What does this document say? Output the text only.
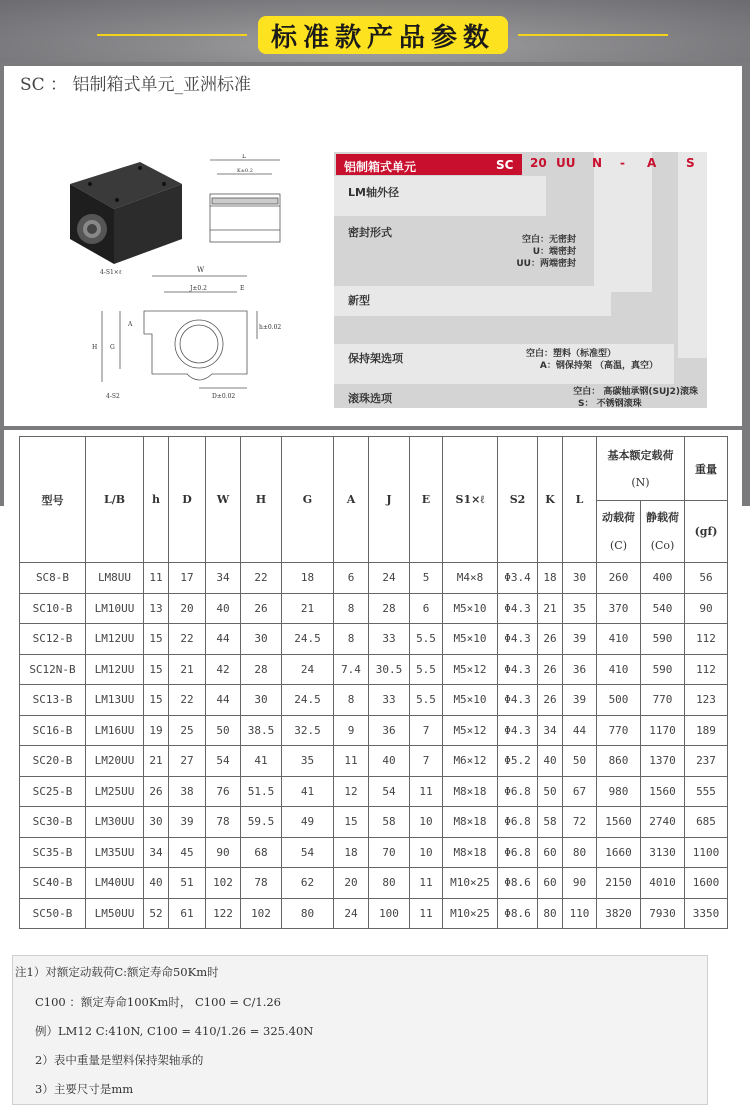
标准款产品参数
SC ： 铝制箱式单元_亚洲标准
L
K±0.2
W
J±0.2	E
4-S1×ℓ
A
G
H
h±0.02
4-S2	D±0.02
铝制箱式单元	SC 20 UU N - A S
LM轴外径
密封形式
空白：无密封
U：端密封
UU：两端密封
新型
保持架选项	空白：塑料（标准型）
A：钢保持架 （高温，真空）
滚珠选项	空白： 高碳轴承钢(SUJ2)滚珠
S： 不锈钢滚珠
型号	L/B	h	D	W	H	G	A	J	E	S1×ℓ	S2	K	L	基本额定载荷
(N)		重量

动载荷
(C)

静载荷
(Co)
	(gf)
SC8-B	LM8UU	11	17	34	22	18	6	24	5	M4×8	Φ3.4	18	30	260	400	56
SC10-B	LM10UU	13	20	40	26	21	8	28	6	M5×10	Φ4.3	21	35	370	540	90
SC12-B	LM12UU	15	22	44	30	24.5	8	33	5.5	M5×10	Φ4.3	26	39	410	590	112
SC12N-B	LM12UU	15	21	42	28	24	7.4	30.5	5.5	M5×12	Φ4.3	26	36	410	590	112
SC13-B	LM13UU	15	22	44	30	24.5	8	33	5.5	M5×10	Φ4.3	26	39	500	770	123
SC16-B	LM16UU	19	25	50	38.5	32.5	9	36	7	M5×12	Φ4.3	34	44	770	1170	189
SC20-B	LM20UU	21	27	54	41	35	11	40	7	M6×12	Φ5.2	40	50	860	1370	237
SC25-B	LM25UU	26	38	76	51.5	41	12	54	11	M8×18	Φ6.8	50	67	980	1560	555
SC30-B	LM30UU	30	39	78	59.5	49	15	58	10	M8×18	Φ6.8	58	72	1560	2740	685
SC35-B	LM35UU	34	45	90	68	54	18	70	10	M8×18	Φ6.8	60	80	1660	3130	1100
SC40-B	LM40UU	40	51	102	78	62	20	80	11	M10×25	Φ8.6	60	90	2150	4010	1600
SC50-B	LM50UU	52	61	122	102	80	24	100	11	M10×25	Φ8.6	80	110	3820	7930	3350
注1）对额定动载荷C:额定寿命50Km时
C100 ：额定寿命100Km时， C100 = C/1.26
例）LM12 C:410N, C100 = 410/1.26 = 325.40N
2）表中重量是塑料保持架轴承的
3）主要尺寸是mm
